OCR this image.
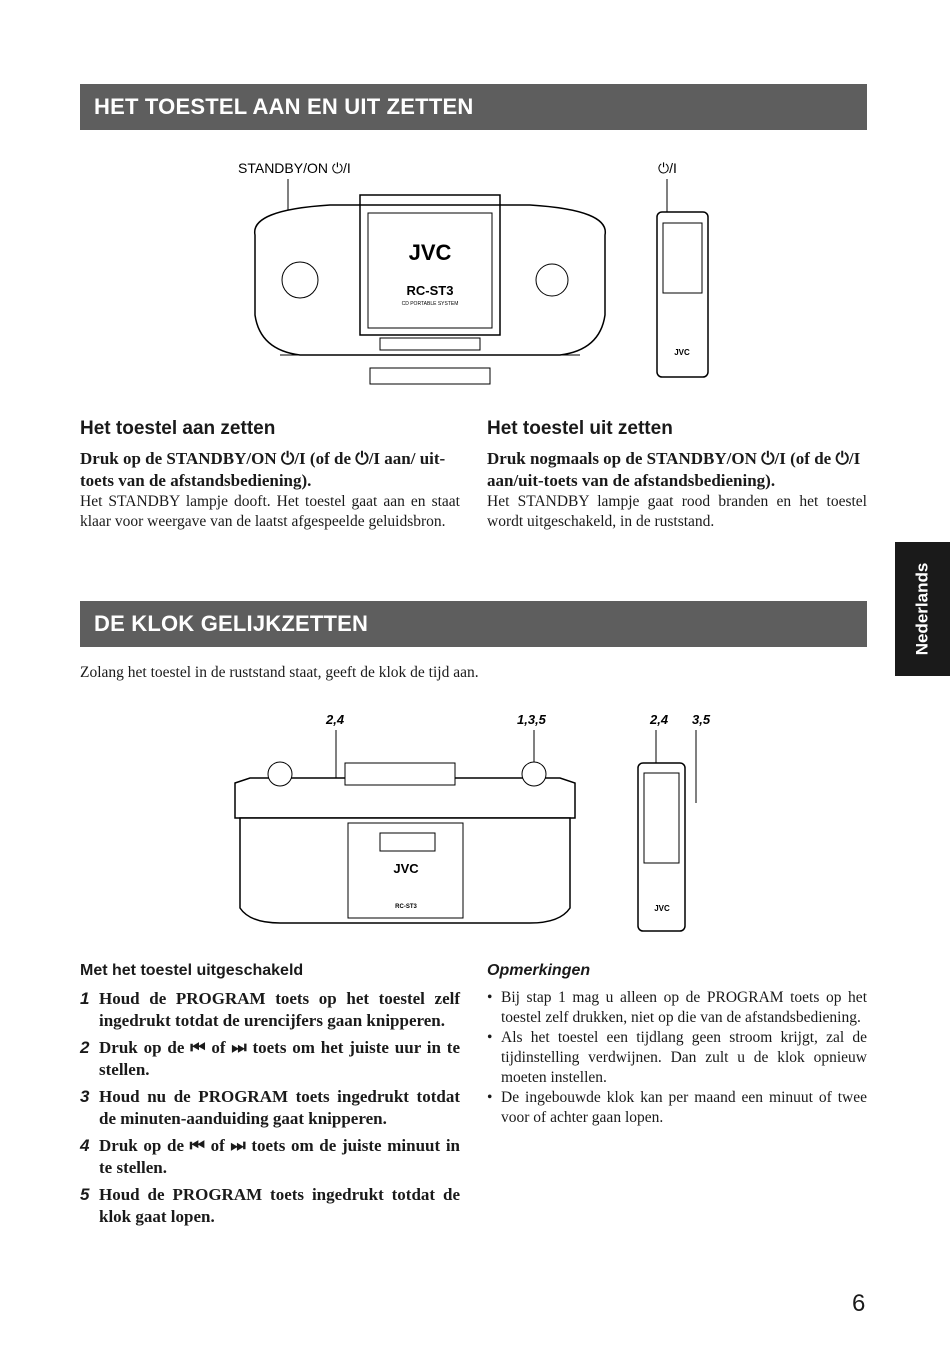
HET TOESTEL AAN EN UIT ZETTEN
STANDBY/ON ⏻/I
JVC
RC-ST3
CD PORTABLE SYSTEM
⏻/I
JVC
Het toestel aan zetten

Druk op de STANDBY/ON ⏻/I (of de ⏻/I aan/ uit-toets van de afstandsbediening).

Het STANDBY lampje dooft. Het toestel gaat aan en staat klaar voor weergave van de laatst afgespeelde geluidsbron.

Het toestel uit zetten

Druk nogmaals op de STANDBY/ON ⏻/I (of de ⏻/I aan/uit-toets van de afstandsbediening).

Het STANDBY lampje gaat rood branden en het toestel wordt uitgeschakeld, in de ruststand.

Nederlands
DE KLOK GELIJKZETTEN

Zolang het toestel in de ruststand staat, geeft de klok de tijd aan.

2,4	1,3,5	2,4 3,5
JVC
RC-ST3	JVC
Met het toestel uitgeschakeld
1 Houd de PROGRAM toets op het toestel zelf ingedrukt totdat de urencijfers gaan knipperen.
2 Druk op de ⏮ of ⏭ toets om het juiste uur in te stellen.
3 Houd nu de PROGRAM toets ingedrukt totdat de minuten-aanduiding gaat knipperen.
4 Druk op de ⏮ of ⏭ toets om de juiste minuut in te stellen.
5 Houd de PROGRAM toets ingedrukt totdat de klok gaat lopen.
Opmerkingen
• Bij stap 1 mag u alleen op de PROGRAM toets op het toestel zelf drukken, niet op die van de afstandsbediening.
• Als het toestel een tijdlang geen stroom krijgt, zal de tijdinstelling verdwijnen. Dan zult u de klok opnieuw moeten instellen.
• De ingebouwde klok kan per maand een minuut of twee voor of achter gaan lopen.
6
